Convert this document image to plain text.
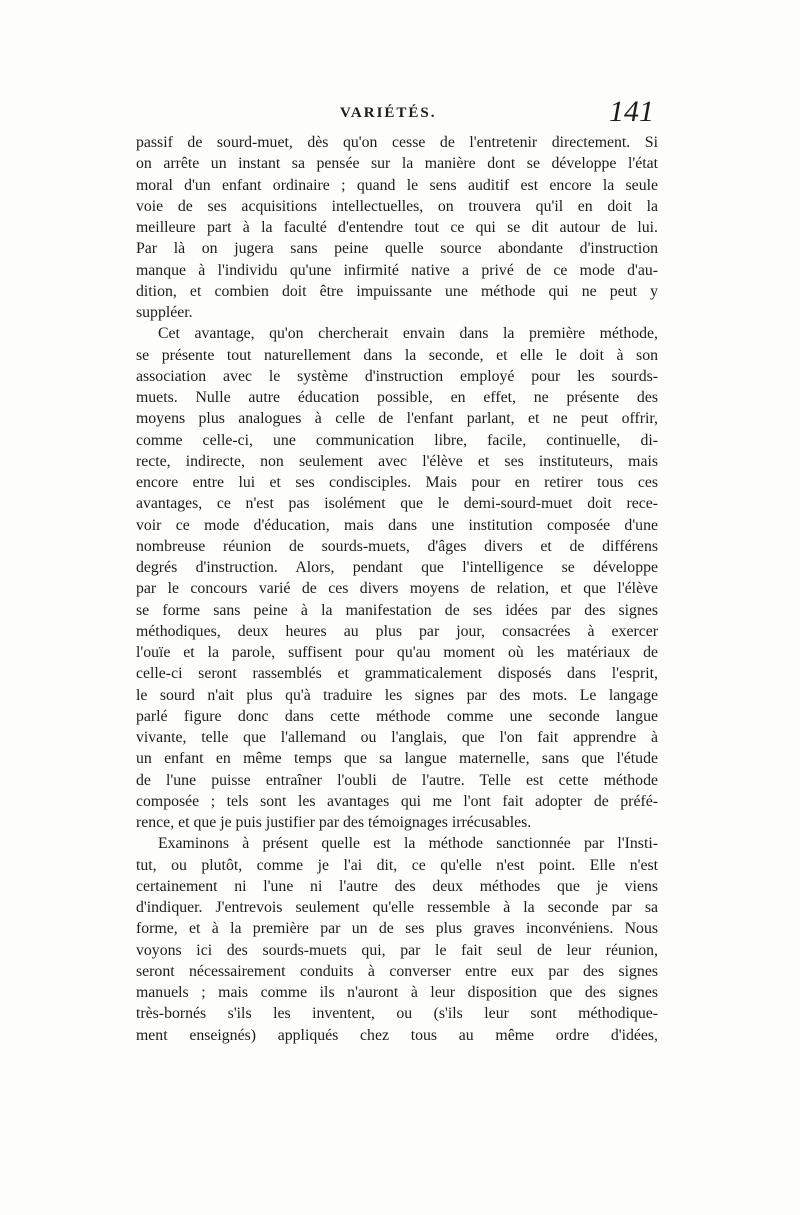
VARIÉTÉS.	141
passif de sourd-muet, dès qu'on cesse de l'entretenir directement. Si
on arrête un instant sa pensée sur la manière dont se développe l'état
moral d'un enfant ordinaire ; quand le sens auditif est encore la seule
voie de ses acquisitions intellectuelles, on trouvera qu'il en doit la
meilleure part à la faculté d'entendre tout ce qui se dit autour de lui.
Par là on jugera sans peine quelle source abondante d'instruction
manque à l'individu qu'une infirmité native a privé de ce mode d'au-
dition, et combien doit être impuissante une méthode qui ne peut y
suppléer.
Cet avantage, qu'on chercherait envain dans la première méthode,
se présente tout naturellement dans la seconde, et elle le doit à son
association avec le système d'instruction employé pour les sourds-
muets. Nulle autre éducation possible, en effet, ne présente des
moyens plus analogues à celle de l'enfant parlant, et ne peut offrir,
comme celle-ci, une communication libre, facile, continuelle, di-
recte, indirecte, non seulement avec l'élève et ses instituteurs, mais
encore entre lui et ses condisciples. Mais pour en retirer tous ces
avantages, ce n'est pas isolément que le demi-sourd-muet doit rece-
voir ce mode d'éducation, mais dans une institution composée d'une
nombreuse réunion de sourds-muets, d'âges divers et de différens
degrés d'instruction. Alors, pendant que l'intelligence se développe
par le concours varié de ces divers moyens de relation, et que l'élève
se forme sans peine à la manifestation de ses idées par des signes
méthodiques, deux heures au plus par jour, consacrées à exercer
l'ouïe et la parole, suffisent pour qu'au moment où les matériaux de
celle-ci seront rassemblés et grammaticalement disposés dans l'esprit,
le sourd n'ait plus qu'à traduire les signes par des mots. Le langage
parlé figure donc dans cette méthode comme une seconde langue
vivante, telle que l'allemand ou l'anglais, que l'on fait apprendre à
un enfant en même temps que sa langue maternelle, sans que l'étude
de l'une puisse entraîner l'oubli de l'autre. Telle est cette méthode
composée ; tels sont les avantages qui me l'ont fait adopter de préfé-
rence, et que je puis justifier par des témoignages irrécusables.
Examinons à présent quelle est la méthode sanctionnée par l'Insti-
tut, ou plutôt, comme je l'ai dit, ce qu'elle n'est point. Elle n'est
certainement ni l'une ni l'autre des deux méthodes que je viens
d'indiquer. J'entrevois seulement qu'elle ressemble à la seconde par sa
forme, et à la première par un de ses plus graves inconvéniens. Nous
voyons ici des sourds-muets qui, par le fait seul de leur réunion,
seront nécessairement conduits à converser entre eux par des signes
manuels ; mais comme ils n'auront à leur disposition que des signes
très-bornés s'ils les inventent, ou (s'ils leur sont méthodique-
ment enseignés) appliqués chez tous au même ordre d'idées,
